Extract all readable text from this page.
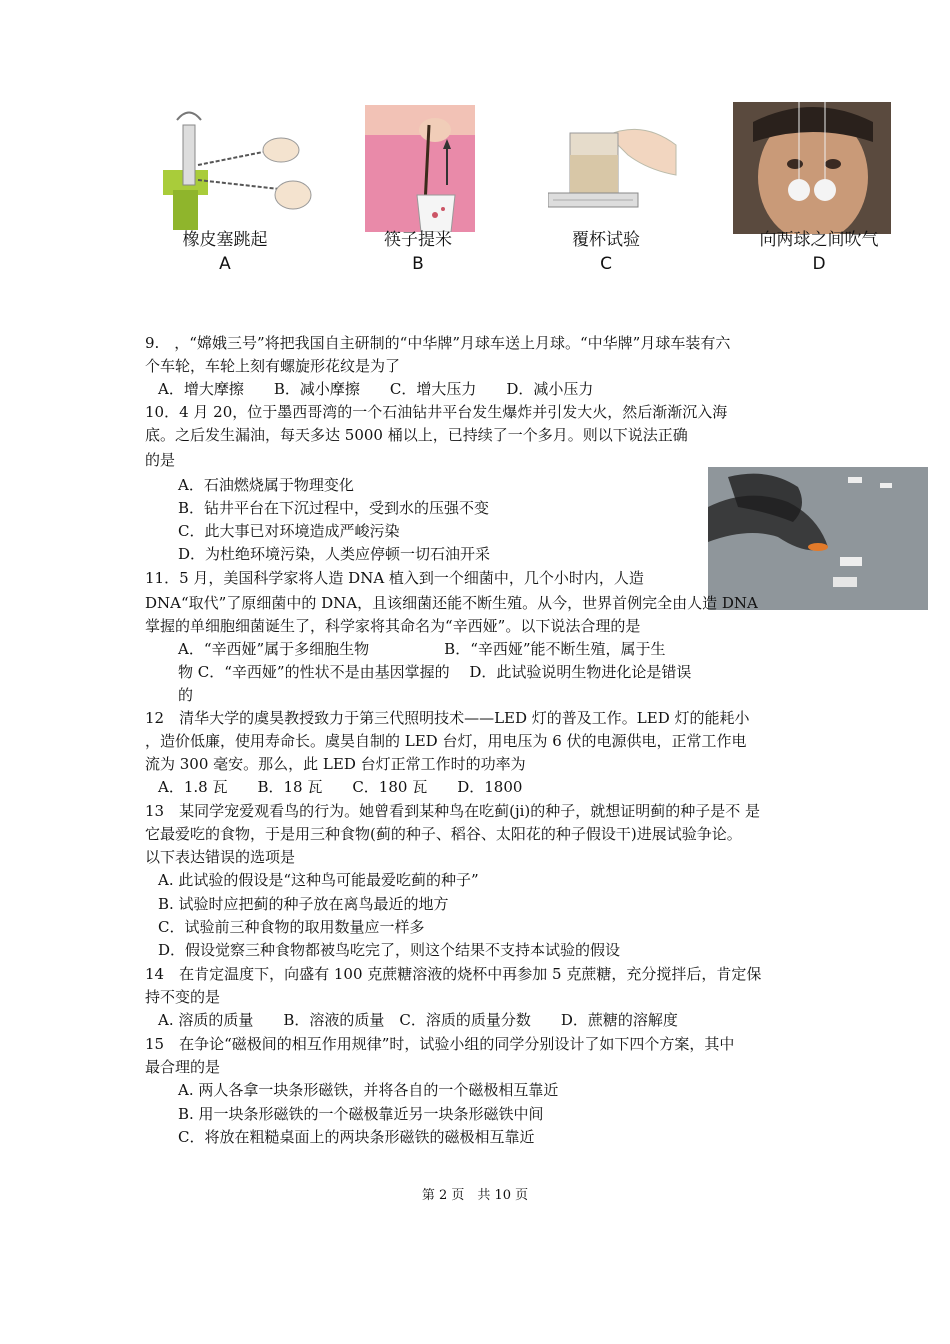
橡皮塞跳起
A
筷子提米
B
覆杯试验
C
向两球之间吹气
D
9.　，“嫦娥三号”将把我国自主研制的“中华牌”月球车送上月球。“中华牌”月球车装有六
个车轮，车轮上刻有螺旋形花纹是为了
A．增大摩擦　　B．减小摩擦　　C．增大压力　　D．减小压力
10．4 月 20，位于墨西哥湾的一个石油钻井平台发生爆炸并引发大火，然后渐渐沉入海
底。之后发生漏油，每天多达 5000 桶以上，已持续了一个多月。则以下说法正确
的是
A．石油燃烧属于物理变化
B．钻井平台在下沉过程中，受到水的压强不变
C．此大事已对环境造成严峻污染
D．为杜绝环境污染，人类应停顿一切石油开采
11．5 月，美国科学家将人造 DNA 植入到一个细菌中，几个小时内，人造
DNA“取代”了原细菌中的 DNA，且该细菌还能不断生殖。从今，世界首例完全由人造 DNA
掌握的单细胞细菌诞生了，科学家将其命名为“辛西娅”。以下说法合理的是
A．“辛西娅”属于多细胞生物　　　　　B．“辛西娅”能不断生殖，属于生
物 C．“辛西娅”的性状不是由基因掌握的　 D．此试验说明生物进化论是错误
的
12　清华大学的虞昊教授致力于第三代照明技术——LED 灯的普及工作。LED 灯的能耗小
，造价低廉，使用寿命长。虞昊自制的 LED 台灯，用电压为 6 伏的电源供电，正常工作电
流为 300 毫安。那么，此 LED 台灯正常工作时的功率为
A．1.8 瓦　　B．18 瓦　　C．180 瓦　　D．1800
13　某同学宠爱观看鸟的行为。她曾看到某种鸟在吃蓟(ji)的种子，就想证明蓟的种子是不 是
它最爱吃的食物，于是用三种食物(蓟的种子、稻谷、太阳花的种子假设干)进展试验争论。
以下表达错误的选项是
A. 此试验的假设是“这种鸟可能最爱吃蓟的种子”
B. 试验时应把蓟的种子放在离鸟最近的地方
C．试验前三种食物的取用数量应一样多
D．假设觉察三种食物都被鸟吃完了，则这个结果不支持本试验的假设
14　在肯定温度下，向盛有 100 克蔗糖溶液的烧杯中再参加 5 克蔗糖，充分搅拌后，肯定保
持不变的是
A. 溶质的质量　　B．溶液的质量　C．溶质的质量分数　　D．蔗糖的溶解度
15　在争论“磁极间的相互作用规律”时，试验小组的同学分别设计了如下四个方案，其中
最合理的是
A. 两人各拿一块条形磁铁，并将各自的一个磁极相互靠近
B. 用一块条形磁铁的一个磁极靠近另一块条形磁铁中间
C．将放在粗糙桌面上的两块条形磁铁的磁极相互靠近
第 2 页　共 10 页
